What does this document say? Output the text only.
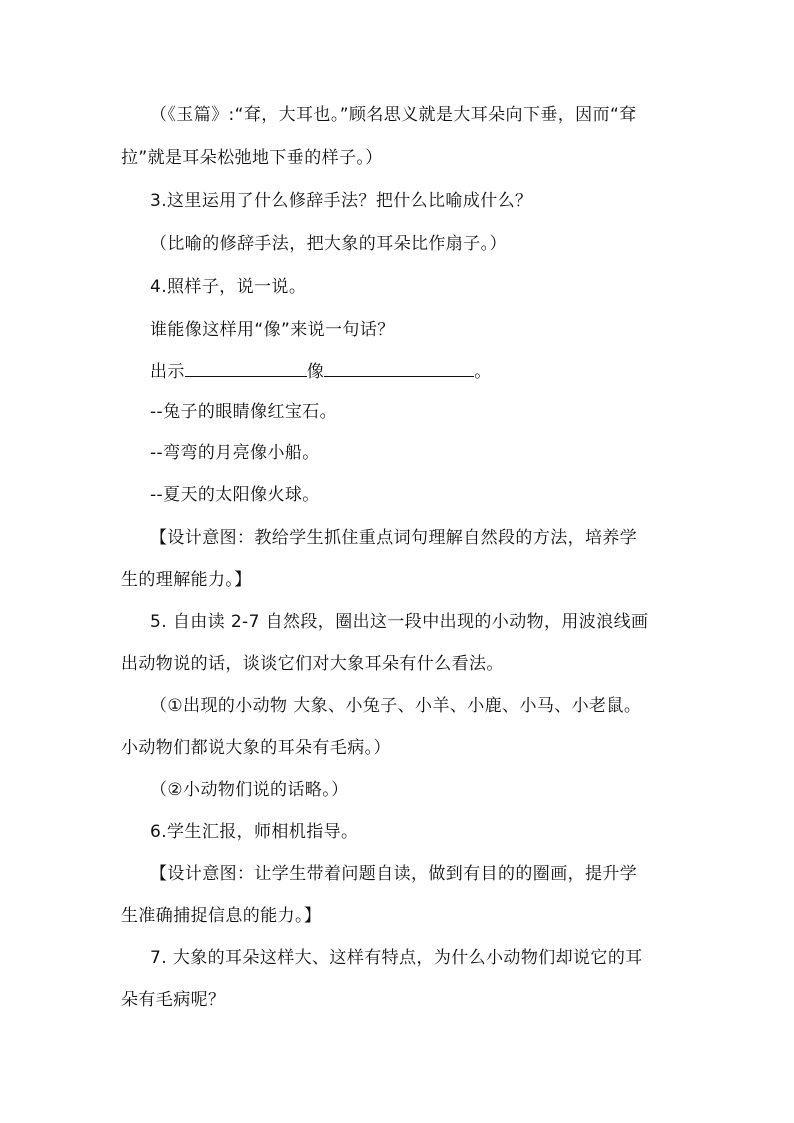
（《玉篇》:“耷，大耳也。”顾名思义就是大耳朵向下垂，因而“耷
拉”就是耳朵松弛地下垂的样子。）
3.这里运用了什么修辞手法？把什么比喻成什么？
（比喻的修辞手法，把大象的耳朵比作扇子。）
4.照样子，说一说。
谁能像这样用“像”来说一句话？
出示	像	。
--兔子的眼睛像红宝石。
--弯弯的月亮像小船。
--夏天的太阳像火球。
【设计意图：教给学生抓住重点词句理解自然段的方法，培养学
生的理解能力。】
5. 自由读 2-7 自然段，圈出这一段中出现的小动物，用波浪线画
出动物说的话，谈谈它们对大象耳朵有什么看法。
（①出现的小动物 大象、小兔子、小羊、小鹿、小马、小老鼠。
小动物们都说大象的耳朵有毛病。）
（②小动物们说的话略。）
6.学生汇报，师相机指导。
【设计意图：让学生带着问题自读，做到有目的的圈画，提升学
生准确捕捉信息的能力。】
7. 大象的耳朵这样大、这样有特点，为什么小动物们却说它的耳
朵有毛病呢？
